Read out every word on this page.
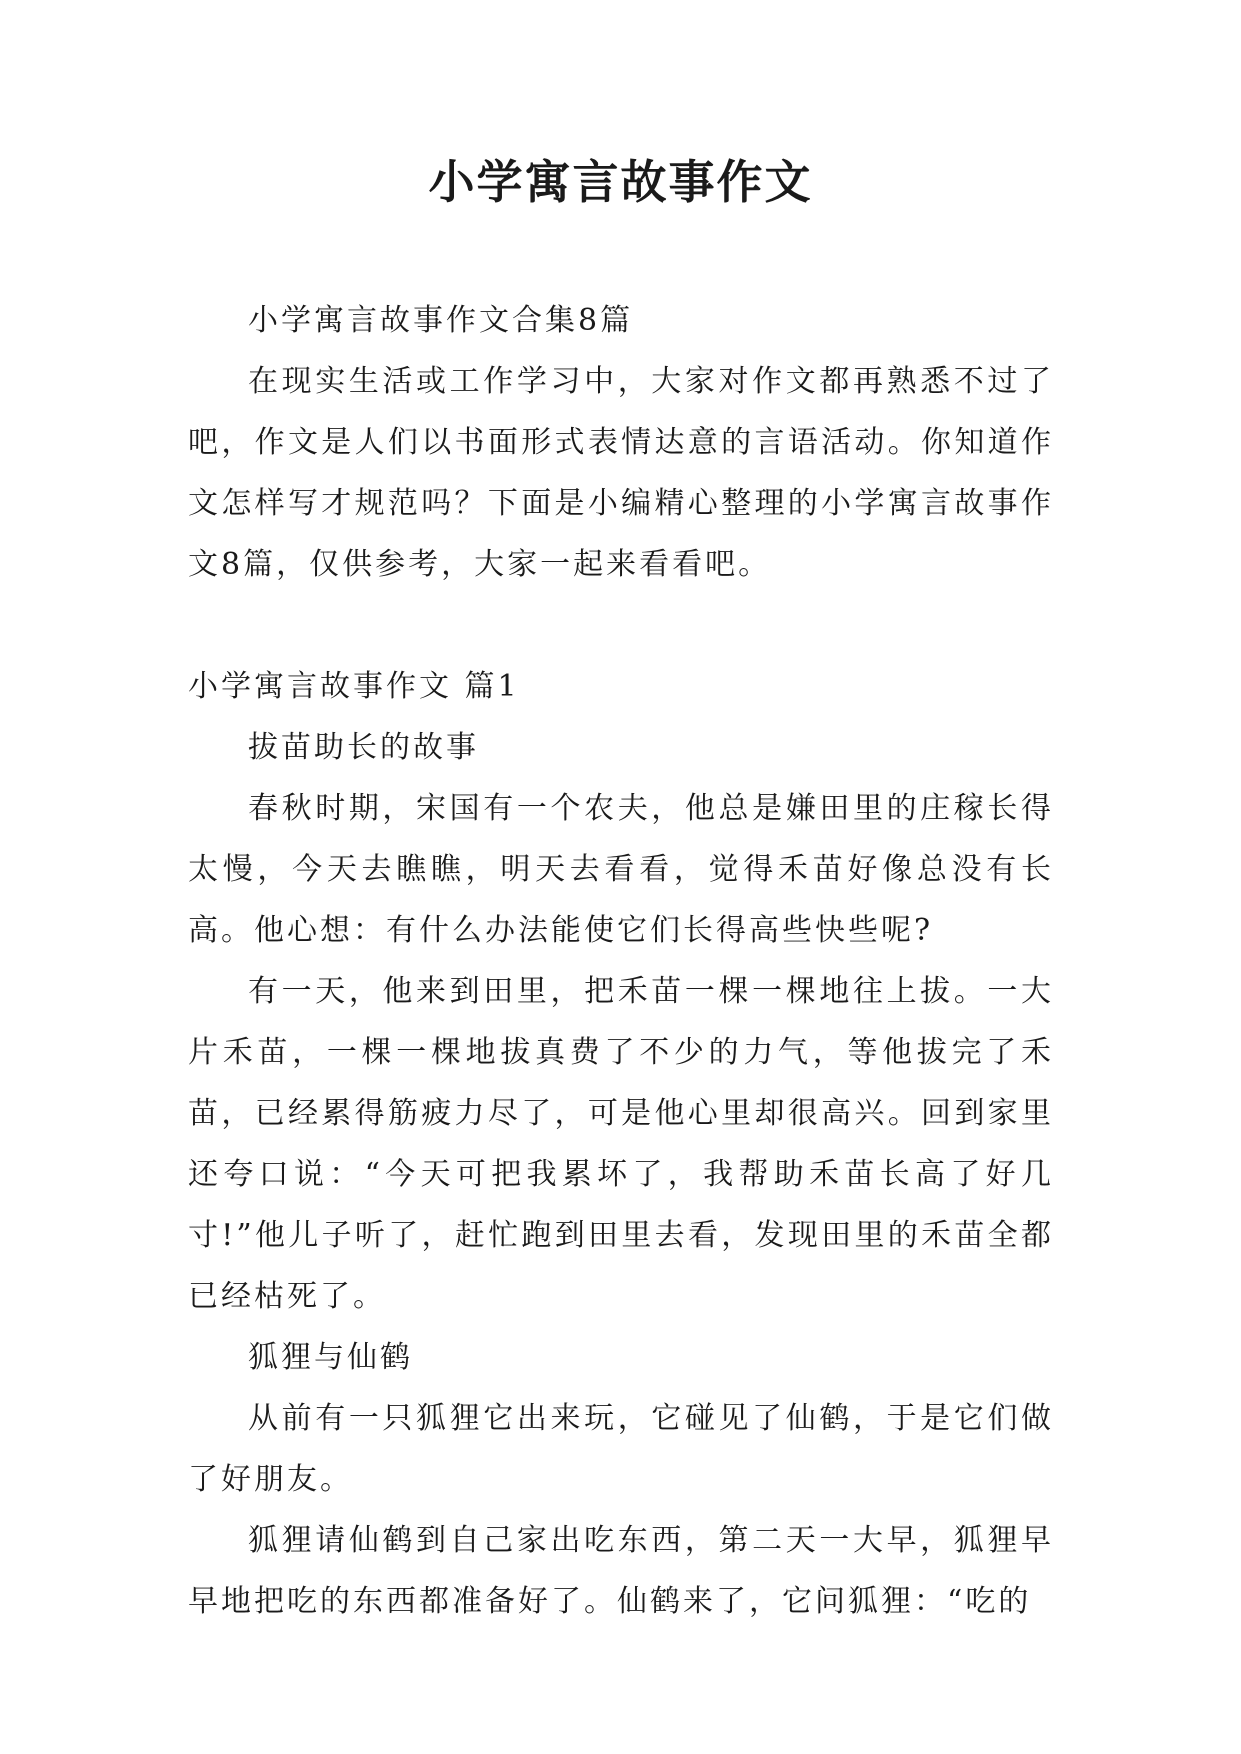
小学寓言故事作文

小学寓言故事作文合集8篇

在现实生活或工作学习中，大家对作文都再熟悉不过了吧，作文是人们以书面形式表情达意的言语活动。你知道作文怎样写才规范吗？下面是小编精心整理的小学寓言故事作文8篇，仅供参考，大家一起来看看吧。

小学寓言故事作文 篇1

拔苗助长的故事

春秋时期，宋国有一个农夫，他总是嫌田里的庄稼长得太慢，今天去瞧瞧，明天去看看，觉得禾苗好像总没有长高。他心想：有什么办法能使它们长得高些快些呢?

有一天，他来到田里，把禾苗一棵一棵地往上拔。一大片禾苗，一棵一棵地拔真费了不少的力气，等他拔完了禾苗，已经累得筋疲力尽了，可是他心里却很高兴。回到家里还夸口说：“今天可把我累坏了，我帮助禾苗长高了好几寸!”他儿子听了，赶忙跑到田里去看，发现田里的禾苗全都已经枯死了。

狐狸与仙鹤

从前有一只狐狸它出来玩，它碰见了仙鹤，于是它们做了好朋友。

狐狸请仙鹤到自己家出吃东西，第二天一大早，狐狸早早地把吃的东西都准备好了。仙鹤来了，它问狐狸：“吃的
